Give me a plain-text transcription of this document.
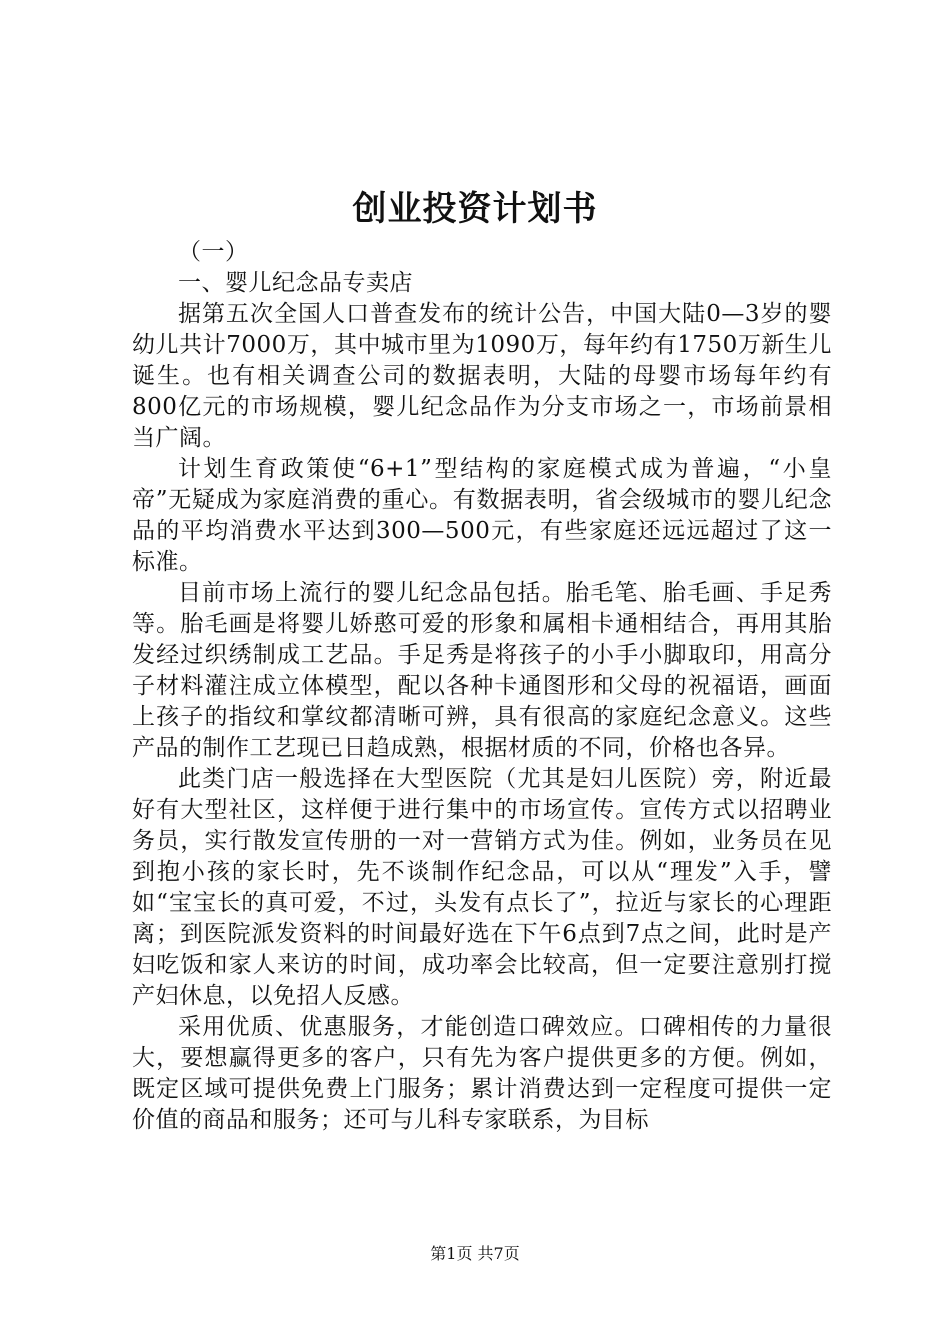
创业投资计划书

（一）

一、婴儿纪念品专卖店

据第五次全国人口普查发布的统计公告，中国大陆0—3岁的婴幼儿共计7000万，其中城市里为1090万，每年约有1750万新生儿诞生。也有相关调查公司的数据表明，大陆的母婴市场每年约有800亿元的市场规模，婴儿纪念品作为分支市场之一，市场前景相当广阔。

计划生育政策使“6+1”型结构的家庭模式成为普遍，“小皇帝”无疑成为家庭消费的重心。有数据表明，省会级城市的婴儿纪念品的平均消费水平达到300—500元，有些家庭还远远超过了这一标准。

目前市场上流行的婴儿纪念品包括。胎毛笔、胎毛画、手足秀等。胎毛画是将婴儿娇憨可爱的形象和属相卡通相结合，再用其胎发经过织绣制成工艺品。手足秀是将孩子的小手小脚取印，用高分子材料灌注成立体模型，配以各种卡通图形和父母的祝福语，画面上孩子的指纹和掌纹都清晰可辨，具有很高的家庭纪念意义。这些产品的制作工艺现已日趋成熟，根据材质的不同，价格也各异。

此类门店一般选择在大型医院（尤其是妇儿医院）旁，附近最好有大型社区，这样便于进行集中的市场宣传。宣传方式以招聘业务员，实行散发宣传册的一对一营销方式为佳。例如，业务员在见到抱小孩的家长时，先不谈制作纪念品，可以从“理发”入手，譬如“宝宝长的真可爱，不过，头发有点长了”，拉近与家长的心理距离；到医院派发资料的时间最好选在下午6点到7点之间，此时是产妇吃饭和家人来访的时间，成功率会比较高，但一定要注意别打搅产妇休息，以免招人反感。

采用优质、优惠服务，才能创造口碑效应。口碑相传的力量很大，要想赢得更多的客户，只有先为客户提供更多的方便。例如，既定区域可提供免费上门服务；累计消费达到一定程度可提供一定价值的商品和服务；还可与儿科专家联系，为目标

第1页 共7页
